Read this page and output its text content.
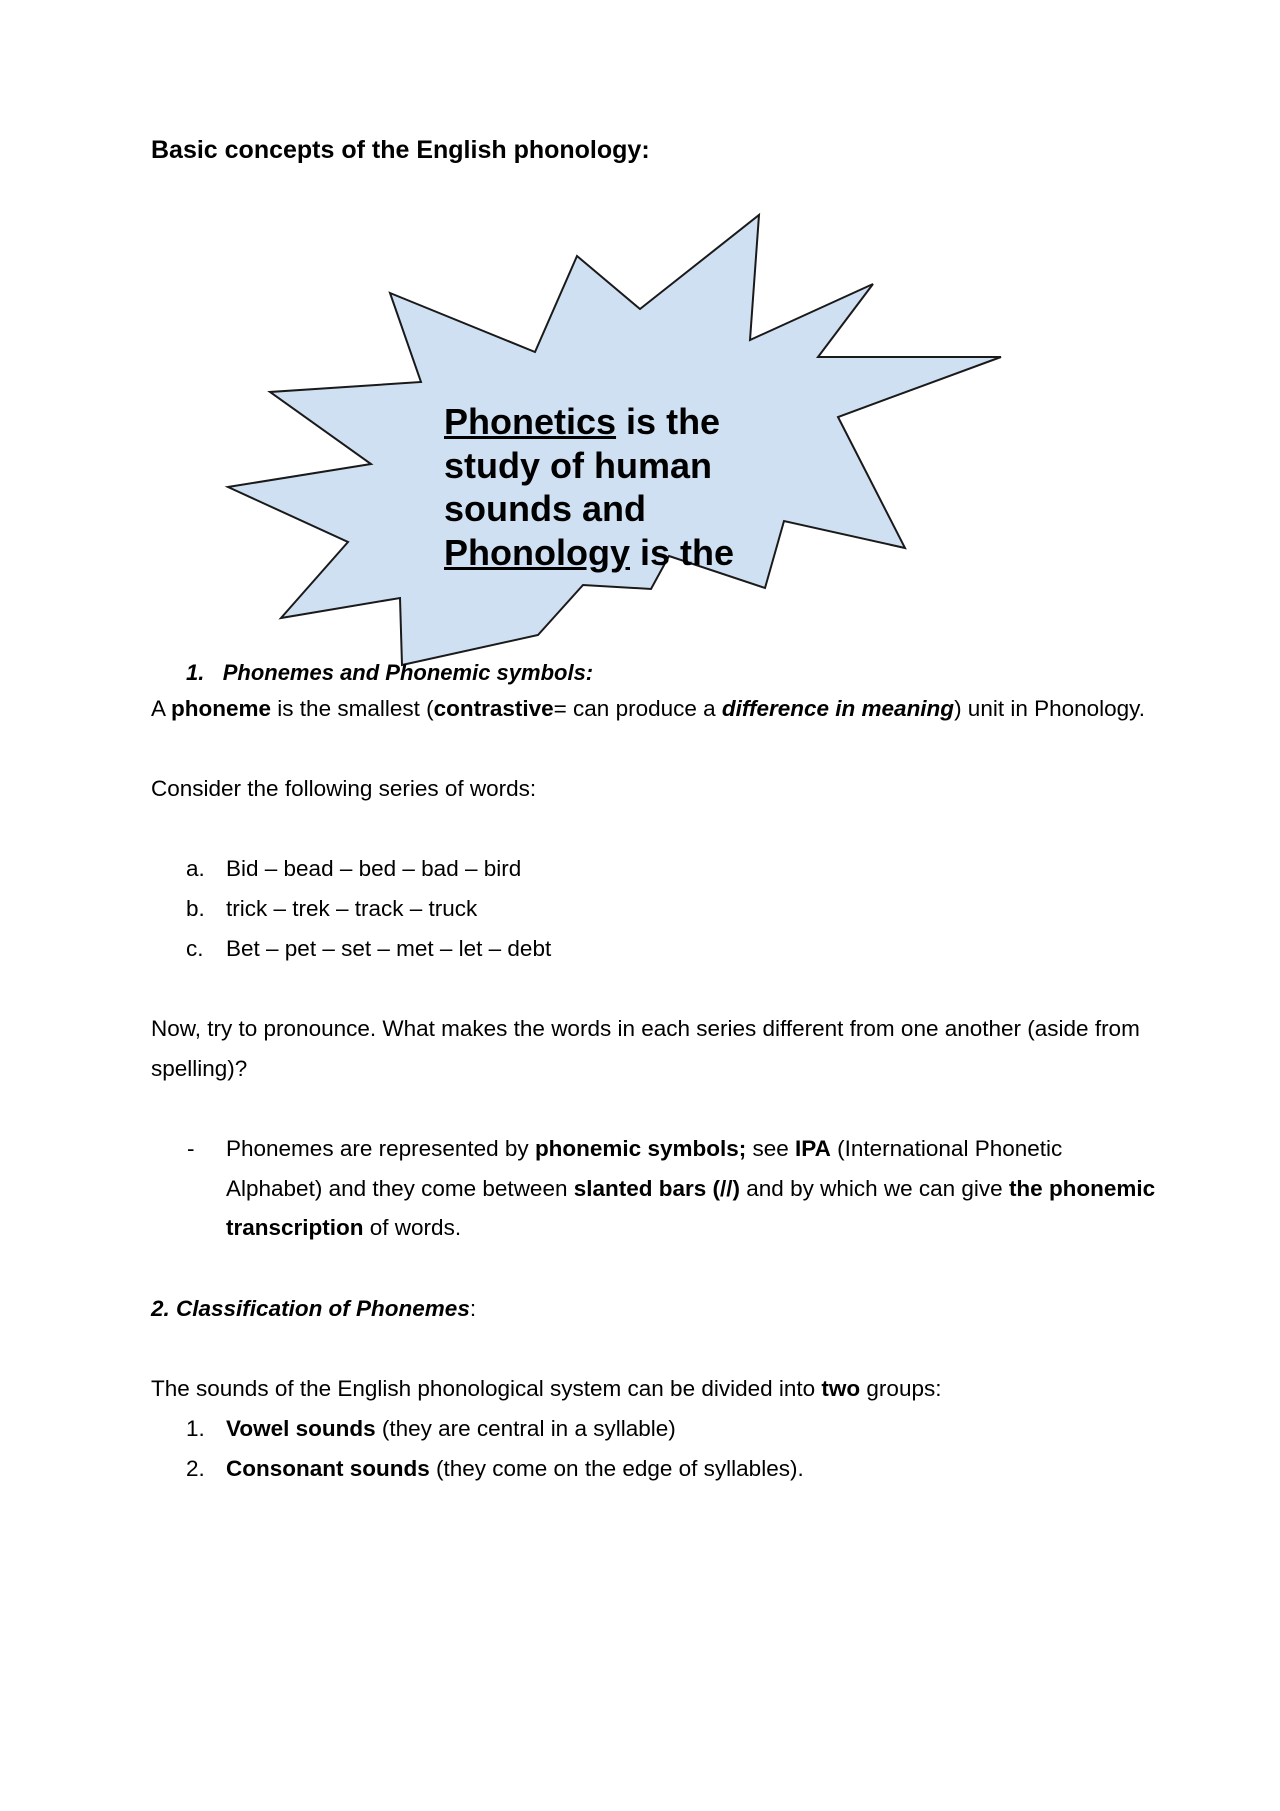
Basic concepts of the English phonology:
Phonetics is the study of human sounds and Phonology is the
1. Phonemes and Phonemic symbols:
A phoneme is the smallest (contrastive= can produce a difference in meaning) unit in Phonology.
Consider the following series of words:
a. Bid – bead – bed – bad – bird
b. trick – trek – track – truck
c. Bet – pet – set – met – let – debt
Now, try to pronounce. What makes the words in each series different from one another (aside from
spelling)?
- Phonemes are represented by phonemic symbols; see IPA (International Phonetic
Alphabet) and they come between slanted bars (//) and by which we can give the phonemic
transcription of words.
2. Classification of Phonemes:
The sounds of the English phonological system can be divided into two groups:
1. Vowel sounds (they are central in a syllable)
2. Consonant sounds (they come on the edge of syllables).
